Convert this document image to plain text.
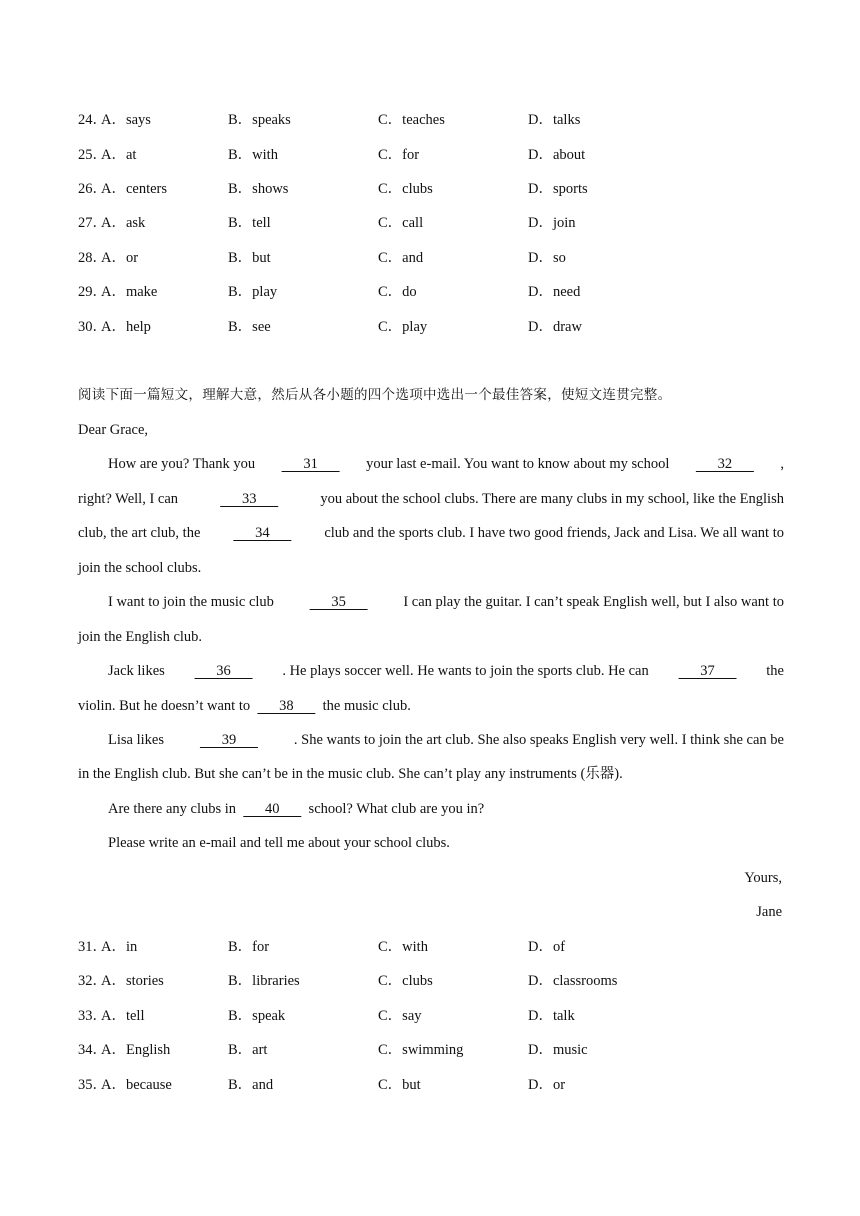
24．
A．says	B．speaks	C．teaches	D．talks
25．
A．at	B．with	C．for	D．about
26．
A．centers	B．shows	C．clubs	D．sports
27．
A．ask	B．tell	C．call	D．join
28．
A．or	B．but	C．and	D．so
29．
A．make	B．play	C．do	D．need
30．
A．help	B．see	C．play	D．draw
阅读下面一篇短文，理解大意，然后从各小题的四个选项中选出一个最佳答案，使短文连贯完整。
Dear Grace,
How are you? Thank you 31 your last e-mail. You want to know about my school 32 ,
right? Well, I can	33	you about the school clubs. There are many clubs in my school, like the English
club, the art club, the 34 club and the sports club. I have two good friends, Jack and Lisa. We all want to
join the school clubs.
I want to join the music club 35 I can play the guitar. I can’t speak English well, but I also want to
join the English club.
Jack likes 36 . He plays soccer well. He wants to join the sports club. He can 37 the
violin. But he doesn’t want to        38        the music club.
Lisa likes 39 . She wants to join the art club. She also speaks English very well. I think she can be
in the English club. But she can’t be in the music club. She can’t play any instruments (乐器).
Are there any clubs in        40        school? What club are you in?
Please write an e-mail and tell me about your school clubs.
Yours,
Jane
31．
A．in	B．for	C．with	D．of
32．
A．stories	B．libraries	C．clubs	D．classrooms
33．
A．tell	B．speak	C．say	D．talk
34．
A．English	B．art	C．swimming	D．music
35．
A．because	B．and	C．but	D．or
